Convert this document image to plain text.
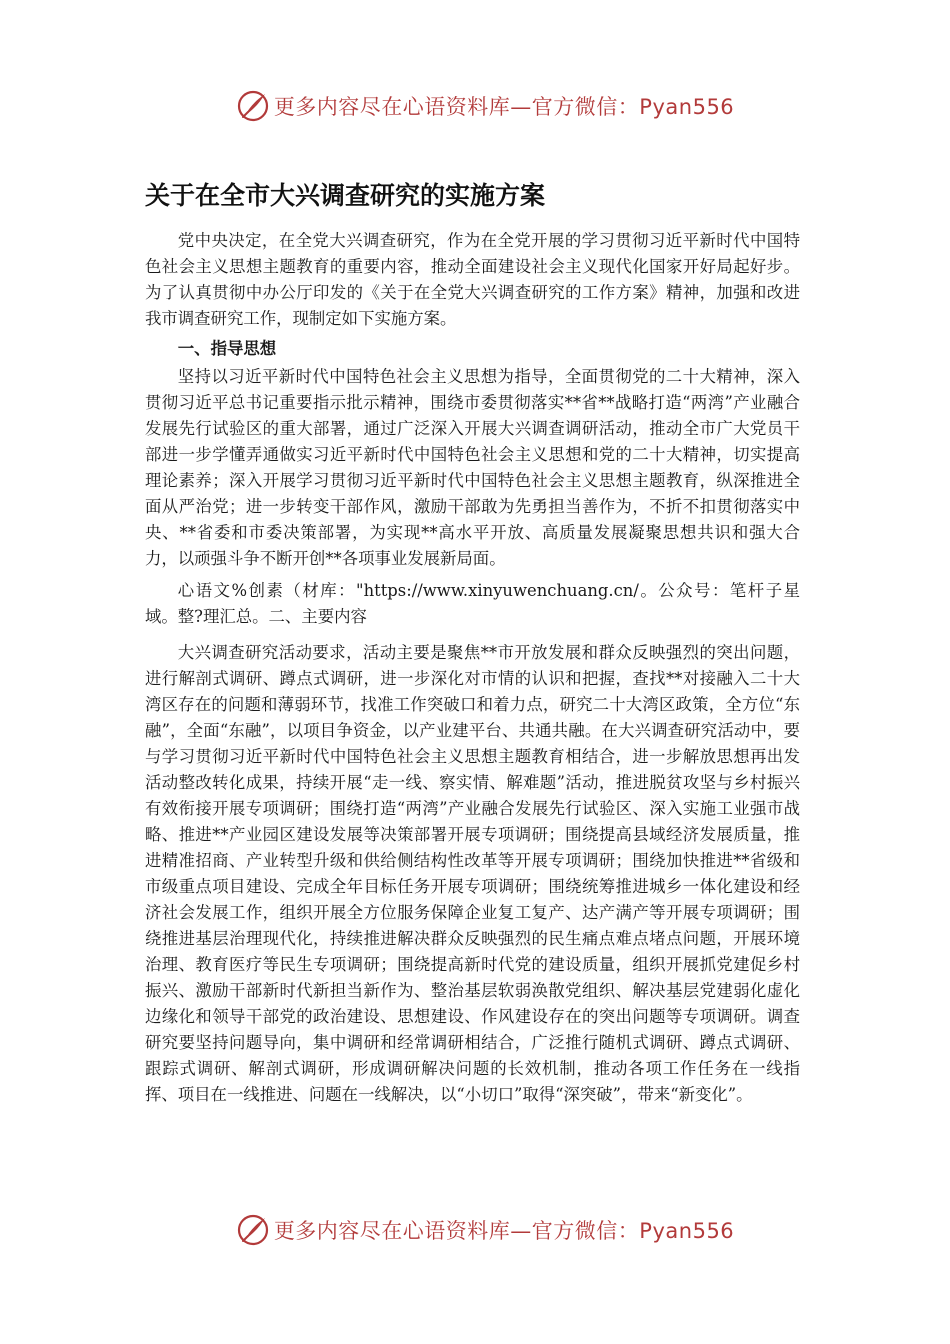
更多内容尽在心语资料库—官方微信：Pyan556
关于在全市大兴调查研究的实施方案

党中央决定，在全党大兴调查研究，作为在全党开展的学习贯彻习近平新时代中国特色社会主义思想主题教育的重要内容，推动全面建设社会主义现代化国家开好局起好步。为了认真贯彻中办公厅印发的《关于在全党大兴调查研究的工作方案》精神，加强和改进我市调查研究工作，现制定如下实施方案。

一、指导思想

坚持以习近平新时代中国特色社会主义思想为指导，全面贯彻党的二十大精神，深入贯彻习近平总书记重要指示批示精神，围绕市委贯彻落实**省**战略打造“两湾”产业融合发展先行试验区的重大部署，通过广泛深入开展大兴调查调研活动，推动全市广大党员干部进一步学懂弄通做实习近平新时代中国特色社会主义思想和党的二十大精神，切实提高理论素养；深入开展学习贯彻习近平新时代中国特色社会主义思想主题教育，纵深推进全面从严治党；进一步转变干部作风，激励干部敢为先勇担当善作为，不折不扣贯彻落实中央、**省委和市委决策部署，为实现**高水平开放、高质量发展凝聚思想共识和强大合力，以顽强斗争不断开创**各项事业发展新局面。

心语文%创素（材库："https://www.xinyuwenchuang.cn/。公众号：笔杆子星域。整?理汇总。二、主要内容

大兴调查研究活动要求，活动主要是聚焦**市开放发展和群众反映强烈的突出问题，进行解剖式调研、蹲点式调研，进一步深化对市情的认识和把握，查找**对接融入二十大湾区存在的问题和薄弱环节，找准工作突破口和着力点，研究二十大湾区政策，全方位“东融”，全面“东融”，以项目争资金，以产业建平台、共通共融。在大兴调查研究活动中，要与学习贯彻习近平新时代中国特色社会主义思想主题教育相结合，进一步解放思想再出发活动整改转化成果，持续开展“走一线、察实情、解难题”活动，推进脱贫攻坚与乡村振兴有效衔接开展专项调研；围绕打造“两湾”产业融合发展先行试验区、深入实施工业强市战略、推进**产业园区建设发展等决策部署开展专项调研；围绕提高县域经济发展质量，推进精准招商、产业转型升级和供给侧结构性改革等开展专项调研；围绕加快推进**省级和市级重点项目建设、完成全年目标任务开展专项调研；围绕统筹推进城乡一体化建设和经济社会发展工作，组织开展全方位服务保障企业复工复产、达产满产等开展专项调研；围绕推进基层治理现代化，持续推进解决群众反映强烈的民生痛点难点堵点问题，开展环境治理、教育医疗等民生专项调研；围绕提高新时代党的建设质量，组织开展抓党建促乡村振兴、激励干部新时代新担当新作为、整治基层软弱涣散党组织、解决基层党建弱化虚化边缘化和领导干部党的政治建设、思想建设、作风建设存在的突出问题等专项调研。调查研究要坚持问题导向，集中调研和经常调研相结合，广泛推行随机式调研、蹲点式调研、跟踪式调研、解剖式调研，形成调研解决问题的长效机制，推动各项工作任务在一线指挥、项目在一线推进、问题在一线解决，以“小切口”取得“深突破”，带来“新变化”。

更多内容尽在心语资料库—官方微信：Pyan556
